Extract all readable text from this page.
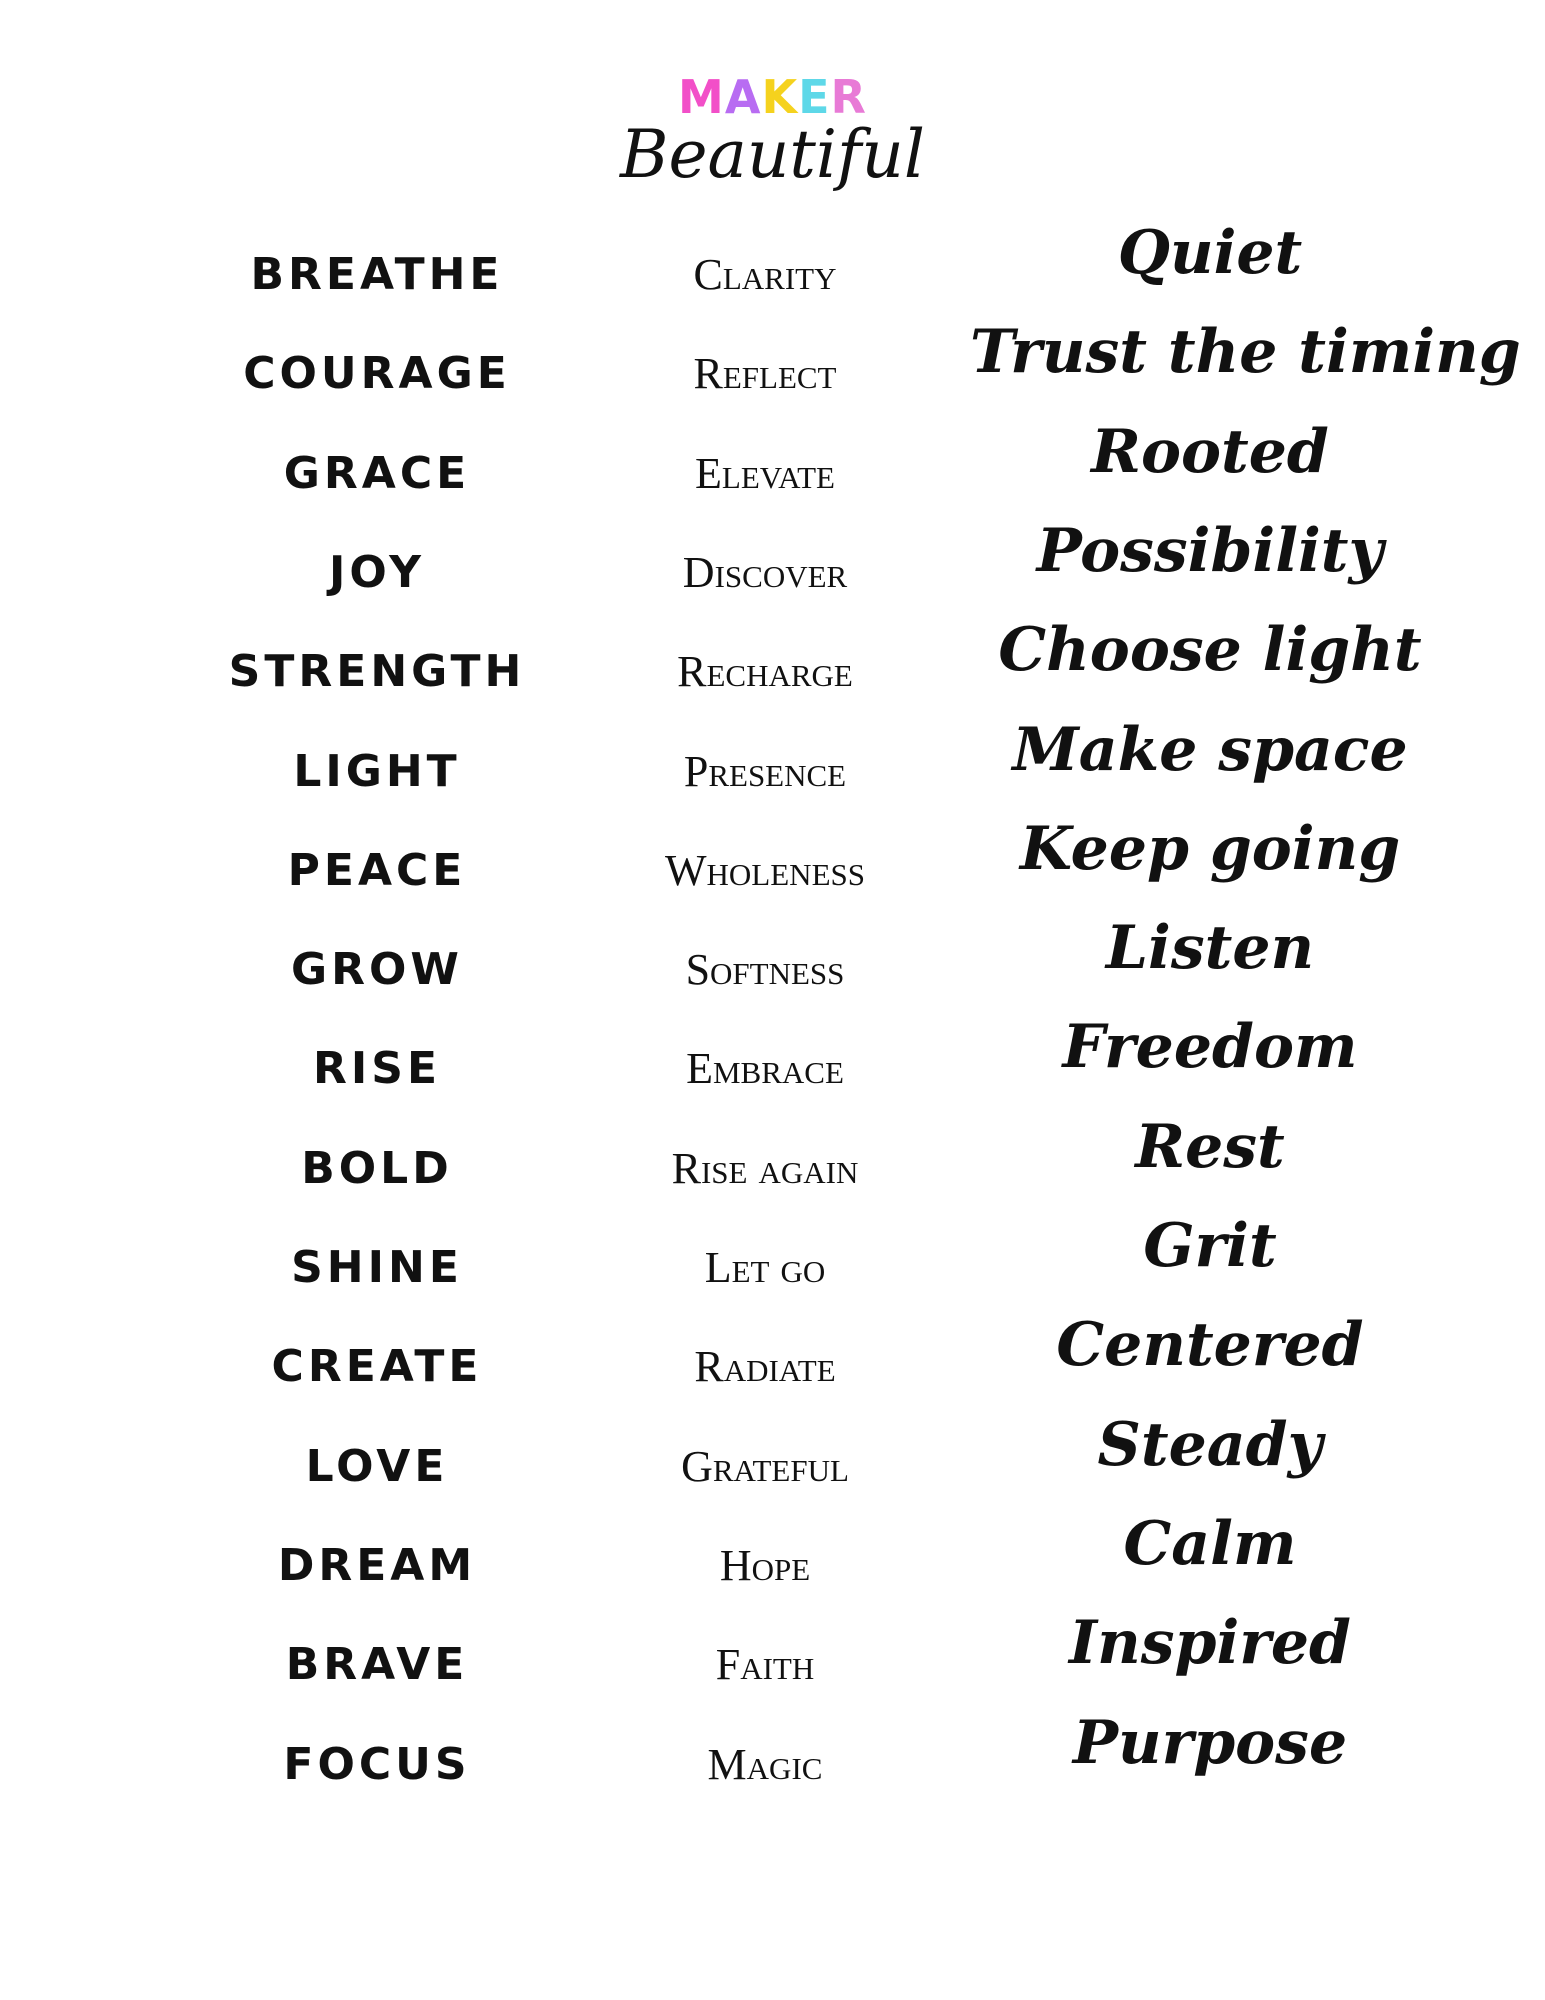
MAKER
Beautiful
BREATHE
COURAGE
GRACE
JOY
STRENGTH
LIGHT
PEACE
GROW
RISE
BOLD
SHINE
CREATE
LOVE
DREAM
BRAVE
FOCUS
Clarity
Reflect
Elevate
Discover
Recharge
Presence
Wholeness
Softness
Embrace
Rise again
Let go
Radiate
Grateful
Hope
Faith
Magic
Quiet
Trust the timing
Rooted
Possibility
Choose light
Make space
Keep going
Listen
Freedom
Rest
Grit
Centered
Steady
Calm
Inspired
Purpose
